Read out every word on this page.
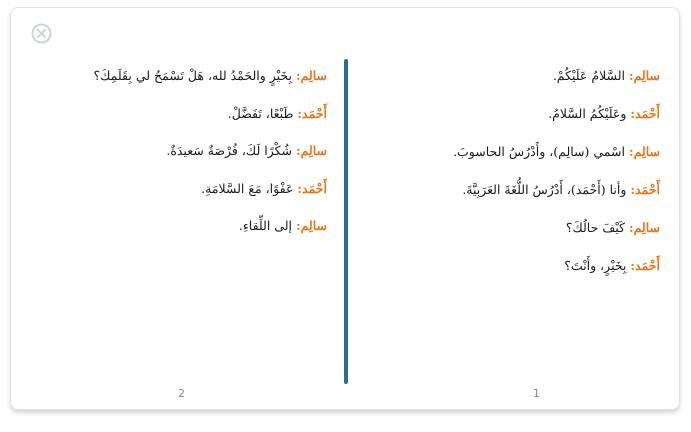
سالِم: السَّلامُ عَلَيْكُمْ.
أَحْمَد: وعَلَيْكُمُ السَّلامُ.
سالِم: اسْمي (سالِم)، وأَدْرُسُ الحاسوبَ.
أَحْمَد: وأنا (أَحْمَد)، أَدْرُسُ اللُّغَةَ العَرَبِيَّةَ.
سالِم: كَيْفَ حالُكَ؟
أَحْمَد: بِخَيْرٍ، وأَنْتَ؟
سالِم: بِخَيْرٍ والحَمْدُ لله، هَلْ تَسْمَحُ لي بِقَلَمِكَ؟
أَحْمَد: طَبْعًا، تَفَضَّلْ.
سالِم: شُكْرًا لَكَ، فُرْصَةٌ سَعيدَةٌ.
أَحْمَد: عَفْوًا، مَعَ السَّلامَةِ.
سالِم: إلى اللِّقاءِ.
2	1
